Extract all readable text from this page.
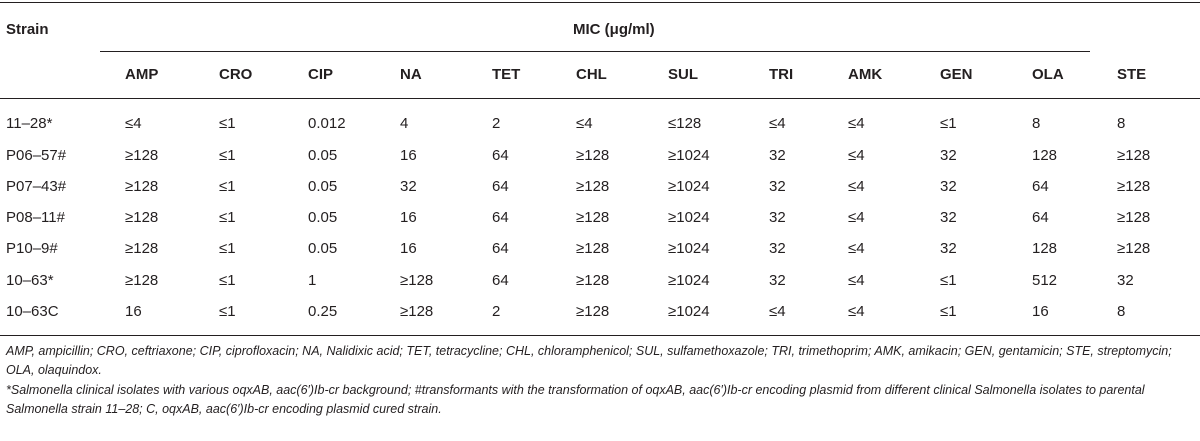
Strain	MIC (μg/ml)
AMP	CRO	CIP	NA	TET	CHL	SUL	TRI	AMK	GEN	OLA	STE
11–28*	≤4	≤1	0.012	4	2	≤4	≤128	≤4	≤4	≤1	8	8
P06–57#	≥128	≤1	0.05	16	64	≥128	≥1024	32	≤4	32	128	≥128
P07–43#	≥128	≤1	0.05	32	64	≥128	≥1024	32	≤4	32	64	≥128
P08–11#	≥128	≤1	0.05	16	64	≥128	≥1024	32	≤4	32	64	≥128
P10–9#	≥128	≤1	0.05	16	64	≥128	≥1024	32	≤4	32	128	≥128
10–63*	≥128	≤1	1	≥128	64	≥128	≥1024	32	≤4	≤1	512	32
10–63C	16	≤1	0.25	≥128	2	≥128	≥1024	≤4	≤4	≤1	16	8
AMP, ampicillin; CRO, ceftriaxone; CIP, ciprofloxacin; NA, Nalidixic acid; TET, tetracycline; CHL, chloramphenicol; SUL, sulfamethoxazole; TRI, trimethoprim; AMK, amikacin; GEN, gentamicin; STE, streptomycin; OLA, olaquindox.
*Salmonella clinical isolates with various oqxAB, aac(6′)Ib-cr background; #transformants with the transformation of oqxAB, aac(6′)Ib-cr encoding plasmid from different clinical Salmonella isolates to parental Salmonella strain 11–28; C, oqxAB, aac(6′)Ib-cr encoding plasmid cured strain.
